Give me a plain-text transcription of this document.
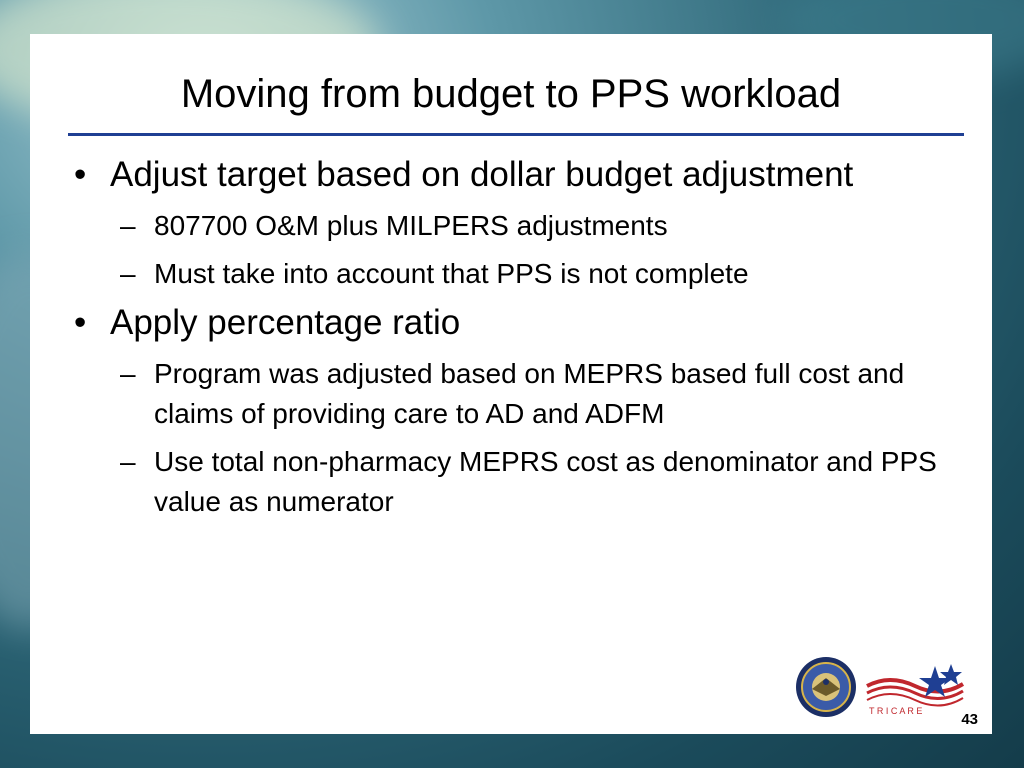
Moving from budget to PPS workload
• Adjust target based on dollar budget adjustment
– 807700 O&M plus MILPERS adjustments
– Must take into account that PPS is not complete
• Apply percentage ratio
– Program was adjusted based on MEPRS based full cost and claims of providing care to AD and ADFM
– Use total non-pharmacy MEPRS cost as denominator and PPS value as numerator
T R I C A R E	43
